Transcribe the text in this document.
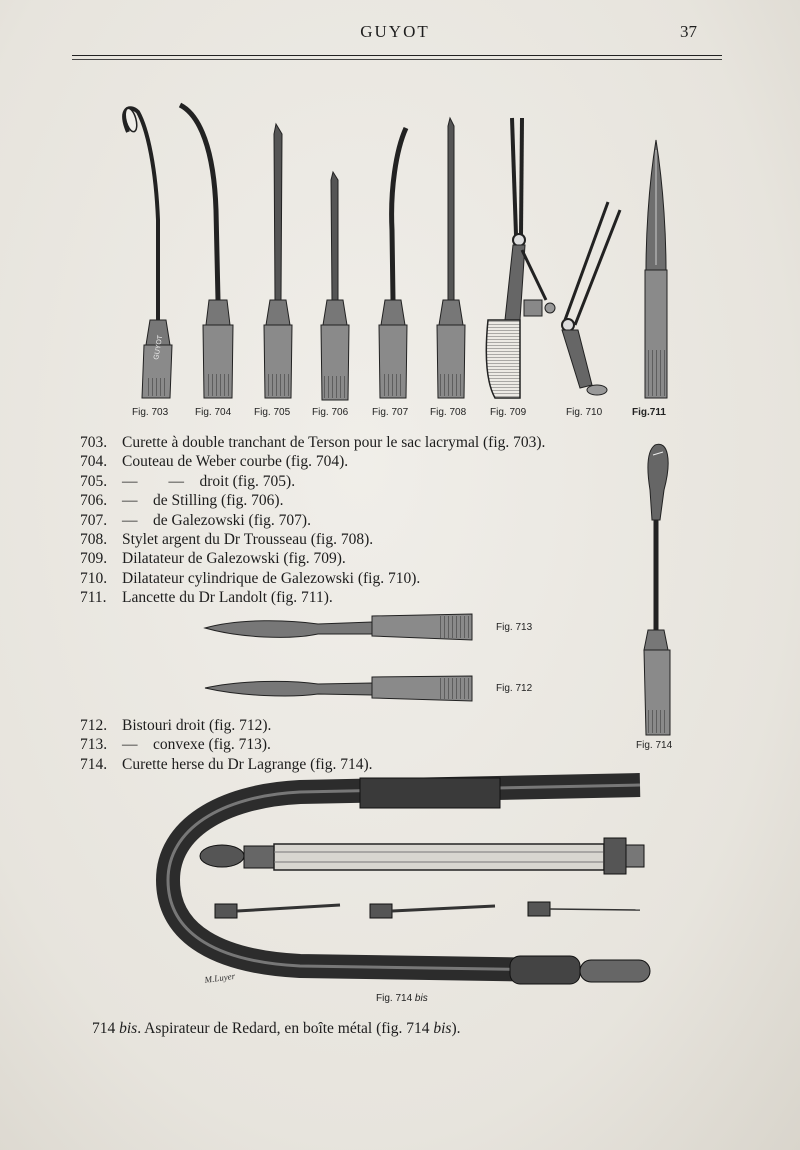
GUYOT	37
GUYOT
M.Luyer
Fig. 703	Fig. 704 Fig. 705 Fig. 706 Fig. 707 Fig. 708 Fig. 709	Fig. 710	Fig.711
703. Curette à double tranchant de Terson pour le sac lacrymal (fig. 703).
704. Couteau de Weber courbe (fig. 704).
705. —        —    droit (fig. 705).
706. —    de Stilling (fig. 706).
707. —    de Galezowski (fig. 707).
708. Stylet argent du Dr Trousseau (fig. 708).
709. Dilatateur de Galezowski (fig. 709).
710. Dilatateur cylindrique de Galezowski (fig. 710).
711. Lancette du Dr Landolt (fig. 711).
Fig. 713
Fig. 712
Fig. 714
712. Bistouri droit (fig. 712).
713. —    convexe (fig. 713).
714. Curette herse du Dr Lagrange (fig. 714).
Fig. 714 bis
714 bis. Aspirateur de Redard, en boîte métal (fig. 714 bis).
